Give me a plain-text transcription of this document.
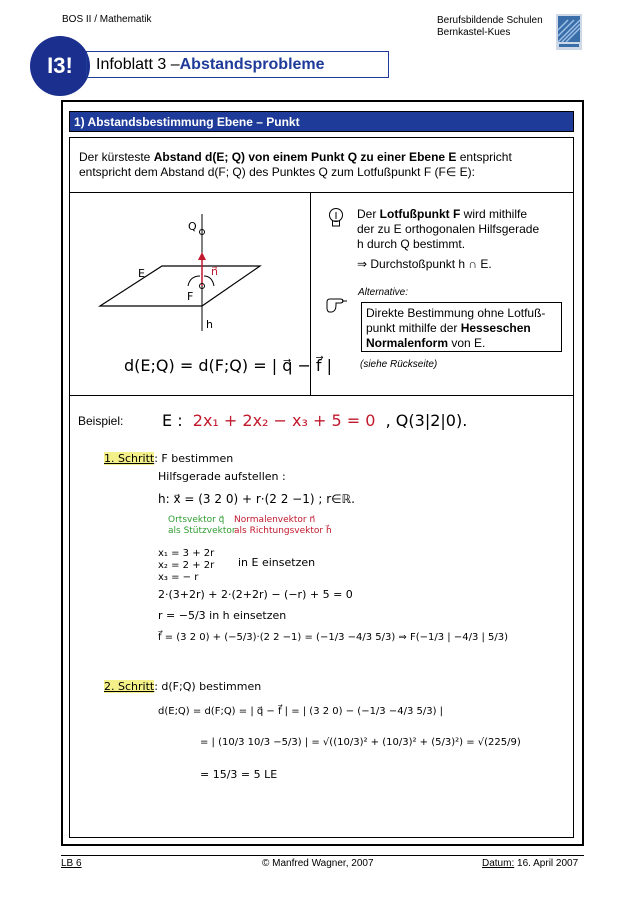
BOS II / Mathematik	Berufsbildende Schulen
Bernkastel-Kues
I3!	Infoblatt 3 – Abstandsprobleme
1) Abstandsbestimmung Ebene – Punkt
Der kürsteste Abstand d(E; Q) von einem Punkt Q zu einer Ebene E entspricht
entspricht dem Abstand d(F; Q) des Punktes Q zum Lotfußpunkt F (F∈ E):
Q
E
F
h
n⃗
d(E;Q) = d(F;Q) = | q⃗ − f⃗ |
Der Lotfußpunkt F wird mithilfe
der zu E orthogonalen Hilfsgerade
h durch Q bestimmt.
⇒ Durchstoßpunkt h ∩ E.
Alternative:
Direkte Bestimmung ohne Lotfuß-
punkt mithilfe der Hesseschen
Normalenform von E.
(siehe Rückseite)
Beispiel: E : 2x₁ + 2x₂ − x₃ + 5 = 0 , Q(3|2|0).
1. Schritt: F bestimmen
Hilfsgerade aufstellen :
h: x⃗ = (3 2 0) + r·(2 2 −1) ; r∈ℝ.
Ortsvektor q⃗
als Stützvektor
Normalenvektor n⃗
als Richtungsvektor h⃗
x₁ = 3 + 2r
x₂ = 2 + 2r
x₃ = − r
in E einsetzen
2·(3+2r) + 2·(2+2r) − (−r) + 5 = 0
r = −5/3 in h einsetzen
f⃗ = (3 2 0) + (−5/3)·(2 2 −1) = (−1/3 −4/3 5/3) ⇒ F(−1/3 | −4/3 | 5/3)
2. Schritt: d(F;Q) bestimmen
d(E;Q) = d(F;Q) = | q⃗ − f⃗ | = | (3 2 0) − (−1/3 −4/3 5/3) |
= | (10/3 10/3 −5/3) | = √((10/3)² + (10/3)² + (5/3)²) = √(225/9)
= 15/3 = 5 LE
LB 6	© Manfred Wagner, 2007	Datum: 16. April 2007
